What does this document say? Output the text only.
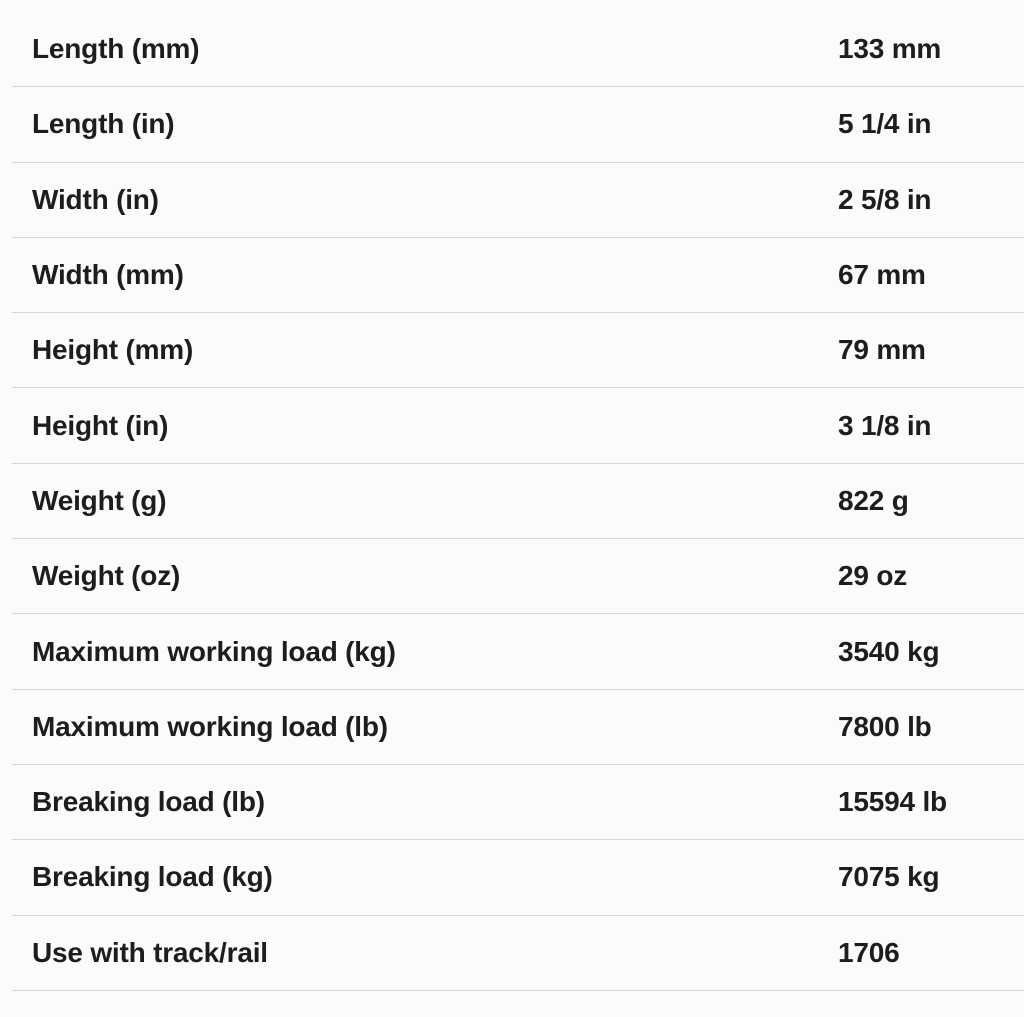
Length (mm)	133 mm
Length (in)	5 1/4 in
Width (in)	2 5/8 in
Width (mm)	67 mm
Height (mm)	79 mm
Height (in)	3 1/8 in
Weight (g)	822 g
Weight (oz)	29 oz
Maximum working load (kg)	3540 kg
Maximum working load (lb)	7800 lb
Breaking load (lb)	15594 lb
Breaking load (kg)	7075 kg
Use with track/rail	1706
